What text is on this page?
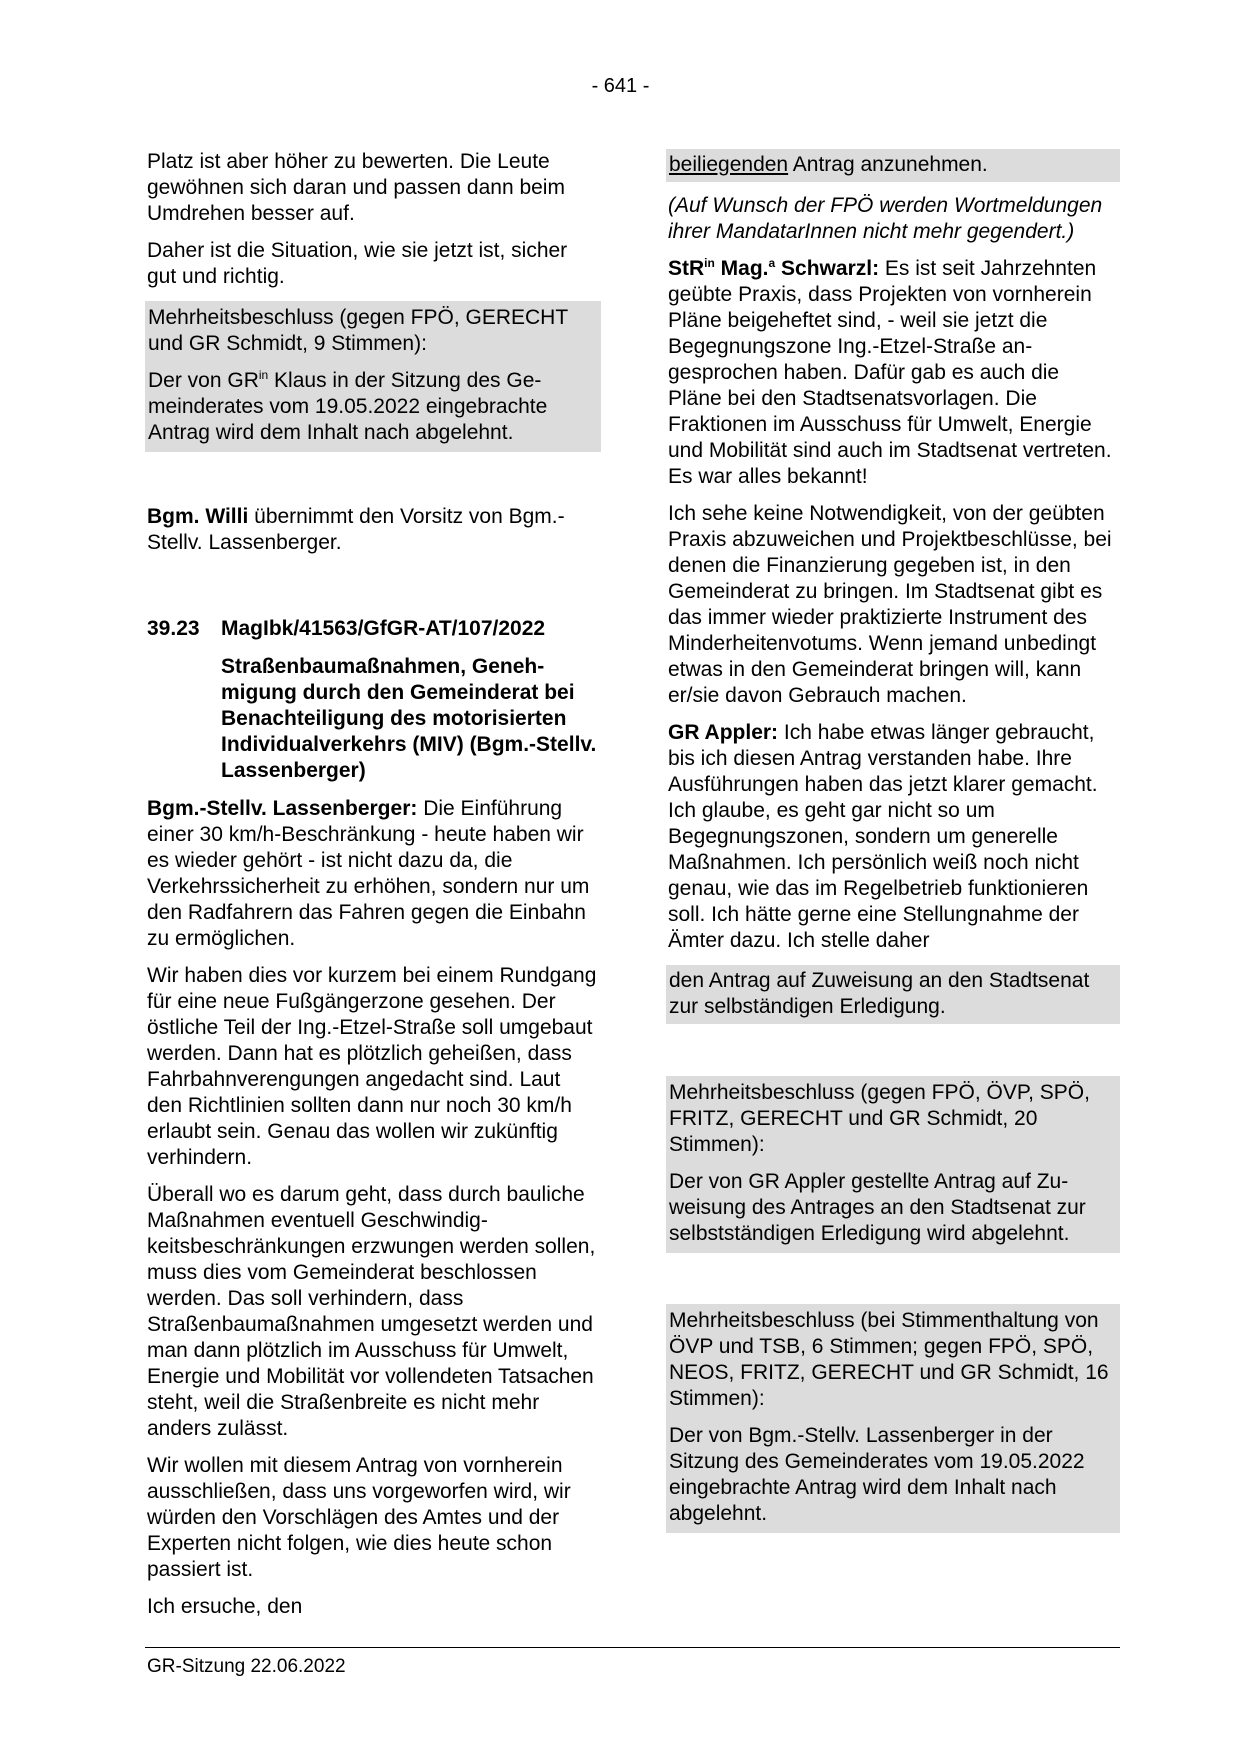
- 641 -

Platz ist aber höher zu bewerten. Die Leute gewöhnen sich daran und passen dann beim Umdrehen besser auf.

Daher ist die Situation, wie sie jetzt ist, sicher gut und richtig.

Mehrheitsbeschluss (gegen FPÖ, GERECHT und GR Schmidt, 9 Stimmen):

Der von $GR^{in}$ Klaus in der Sitzung des Gemeinderates vom 19.05.2022 eingebrachte Antrag wird dem Inhalt nach abgelehnt.

Bgm. Willi übernimmt den Vorsitz von Bgm.-Stellv. Lassenberger.

39.23	MagIbk/41563/GfGR-AT/107/2022

Straßenbaumaßnahmen, Genehmigung durch den Gemeinderat bei Benachteiligung des motorisierten Individualverkehrs (MIV) (Bgm.-Stellv. Lassenberger)

Bgm.-Stellv. Lassenberger: Die Einführung einer 30 km/h-Beschränkung - heute haben wir es wieder gehört - ist nicht dazu da, die Verkehrssicherheit zu erhöhen, sondern nur um den Radfahrern das Fahren gegen die Einbahn zu ermöglichen.

Wir haben dies vor kurzem bei einem Rundgang für eine neue Fußgängerzone gesehen. Der östliche Teil der Ing.-Etzel-Straße soll umgebaut werden. Dann hat es plötzlich geheißen, dass Fahrbahnverengungen angedacht sind. Laut den Richtlinien sollten dann nur noch 30 km/h erlaubt sein. Genau das wollen wir zukünftig verhindern.

Überall wo es darum geht, dass durch bauliche Maßnahmen eventuell Geschwindigkeitsbeschränkungen erzwungen werden sollen, muss dies vom Gemeinderat beschlossen werden. Das soll verhindern, dass Straßenbaumaßnahmen umgesetzt werden und man dann plötzlich im Ausschuss für Umwelt, Energie und Mobilität vor vollendeten Tatsachen steht, weil die Straßenbreite es nicht mehr anders zulässt.

Wir wollen mit diesem Antrag von vornherein ausschließen, dass uns vorgeworfen wird, wir würden den Vorschlägen des Amtes und der Experten nicht folgen, wie dies heute schon passiert ist.

Ich ersuche, den

beiliegenden Antrag anzunehmen.

(Auf Wunsch der FPÖ werden Wortmeldungen ihrer MandatarInnen nicht mehr gegendert.)

StR$^{in}$ Mag.$^a$ Schwarzl: Es ist seit Jahrzehnten geübte Praxis, dass Projekten von vornherein Pläne beigeheftet sind, - weil sie jetzt die Begegnungszone Ing.-Etzel-Straße angesprochen haben. Dafür gab es auch die Pläne bei den Stadtsenatsvorlagen. Die Fraktionen im Ausschuss für Umwelt, Energie und Mobilität sind auch im Stadtsenat vertreten. Es war alles bekannt!

Ich sehe keine Notwendigkeit, von der geübten Praxis abzuweichen und Projektbeschlüsse, bei denen die Finanzierung gegeben ist, in den Gemeinderat zu bringen. Im Stadtsenat gibt es das immer wieder praktizierte Instrument des Minderheitenvotums. Wenn jemand unbedingt etwas in den Gemeinderat bringen will, kann er/sie davon Gebrauch machen.

GR Appler: Ich habe etwas länger gebraucht, bis ich diesen Antrag verstanden habe. Ihre Ausführungen haben das jetzt klarer gemacht. Ich glaube, es geht gar nicht so um Begegnungszonen, sondern um generelle Maßnahmen. Ich persönlich weiß noch nicht genau, wie das im Regelbetrieb funktionieren soll. Ich hätte gerne eine Stellungnahme der Ämter dazu. Ich stelle daher

den Antrag auf Zuweisung an den Stadtsenat zur selbständigen Erledigung.

Mehrheitsbeschluss (gegen FPÖ, ÖVP, SPÖ, FRITZ, GERECHT und GR Schmidt, 20 Stimmen):

Der von GR Appler gestellte Antrag auf Zuweisung des Antrages an den Stadtsenat zur selbstständigen Erledigung wird abgelehnt.

Mehrheitsbeschluss (bei Stimmenthaltung von ÖVP und TSB, 6 Stimmen; gegen FPÖ, SPÖ, NEOS, FRITZ, GERECHT und GR Schmidt, 16 Stimmen):

Der von Bgm.-Stellv. Lassenberger in der Sitzung des Gemeinderates vom 19.05.2022 eingebrachte Antrag wird dem Inhalt nach abgelehnt.

GR-Sitzung 22.06.2022
